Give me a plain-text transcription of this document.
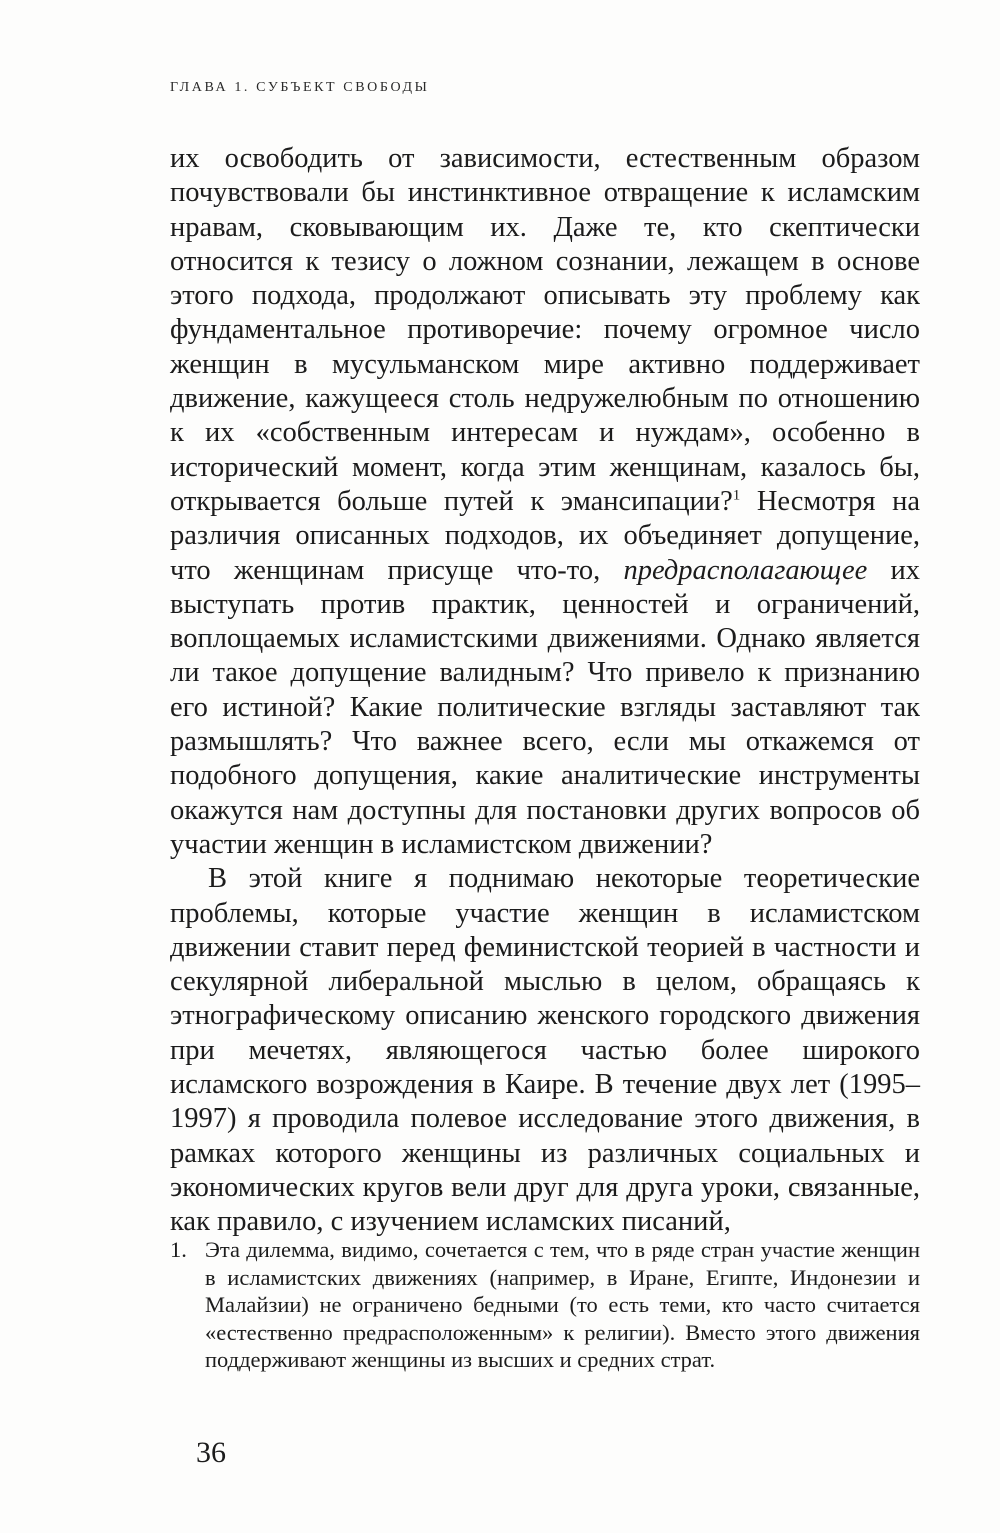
ГЛАВА 1. СУБЪЕКТ СВОБОДЫ

их освободить от зависимости, естественным образом почувствовали бы инстинктивное отвращение к исламским нравам, сковывающим их. Даже те, кто скептически относится к тезису о ложном сознании, лежащем в основе этого подхода, продолжают описывать эту проблему как фундаментальное противоречие: почему огромное число женщин в мусульманском мире активно поддерживает движение, кажущееся столь недружелюбным по отношению к их «собственным интересам и нуждам», особенно в исторический момент, когда этим женщинам, казалось бы, открывается больше путей к эмансипации?$^1$ Несмотря на различия описанных подходов, их объединяет допущение, что женщинам присуще что-то, предрасполагающее их выступать против практик, ценностей и ограничений, воплощаемых исламистскими движениями. Однако является ли такое допущение валидным? Что привело к признанию его истиной? Какие политические взгляды заставляют так размышлять? Что важнее всего, если мы откажемся от подобного допущения, какие аналитические инструменты окажутся нам доступны для постановки других вопросов об участии женщин в исламистском движении?

В этой книге я поднимаю некоторые теоретические проблемы, которые участие женщин в исламистском движении ставит перед феминистской теорией в частности и секулярной либеральной мыслью в целом, обращаясь к этнографическому описанию женского городского движения при мечетях, являющегося частью более широкого исламского возрождения в Каире. В течение двух лет (1995–1997) я проводила полевое исследование этого движения, в рамках которого женщины из различных социальных и экономических кругов вели друг для друга уроки, связанные, как правило, с изучением исламских писаний,

1. Эта дилемма, видимо, сочетается с тем, что в ряде стран участие женщин в исламистских движениях (например, в Иране, Египте, Индонезии и Малайзии) не ограничено бедными (то есть теми, кто часто считается «естественно предрасположенным» к религии). Вместо этого движения поддерживают женщины из высших и средних страт.
36
